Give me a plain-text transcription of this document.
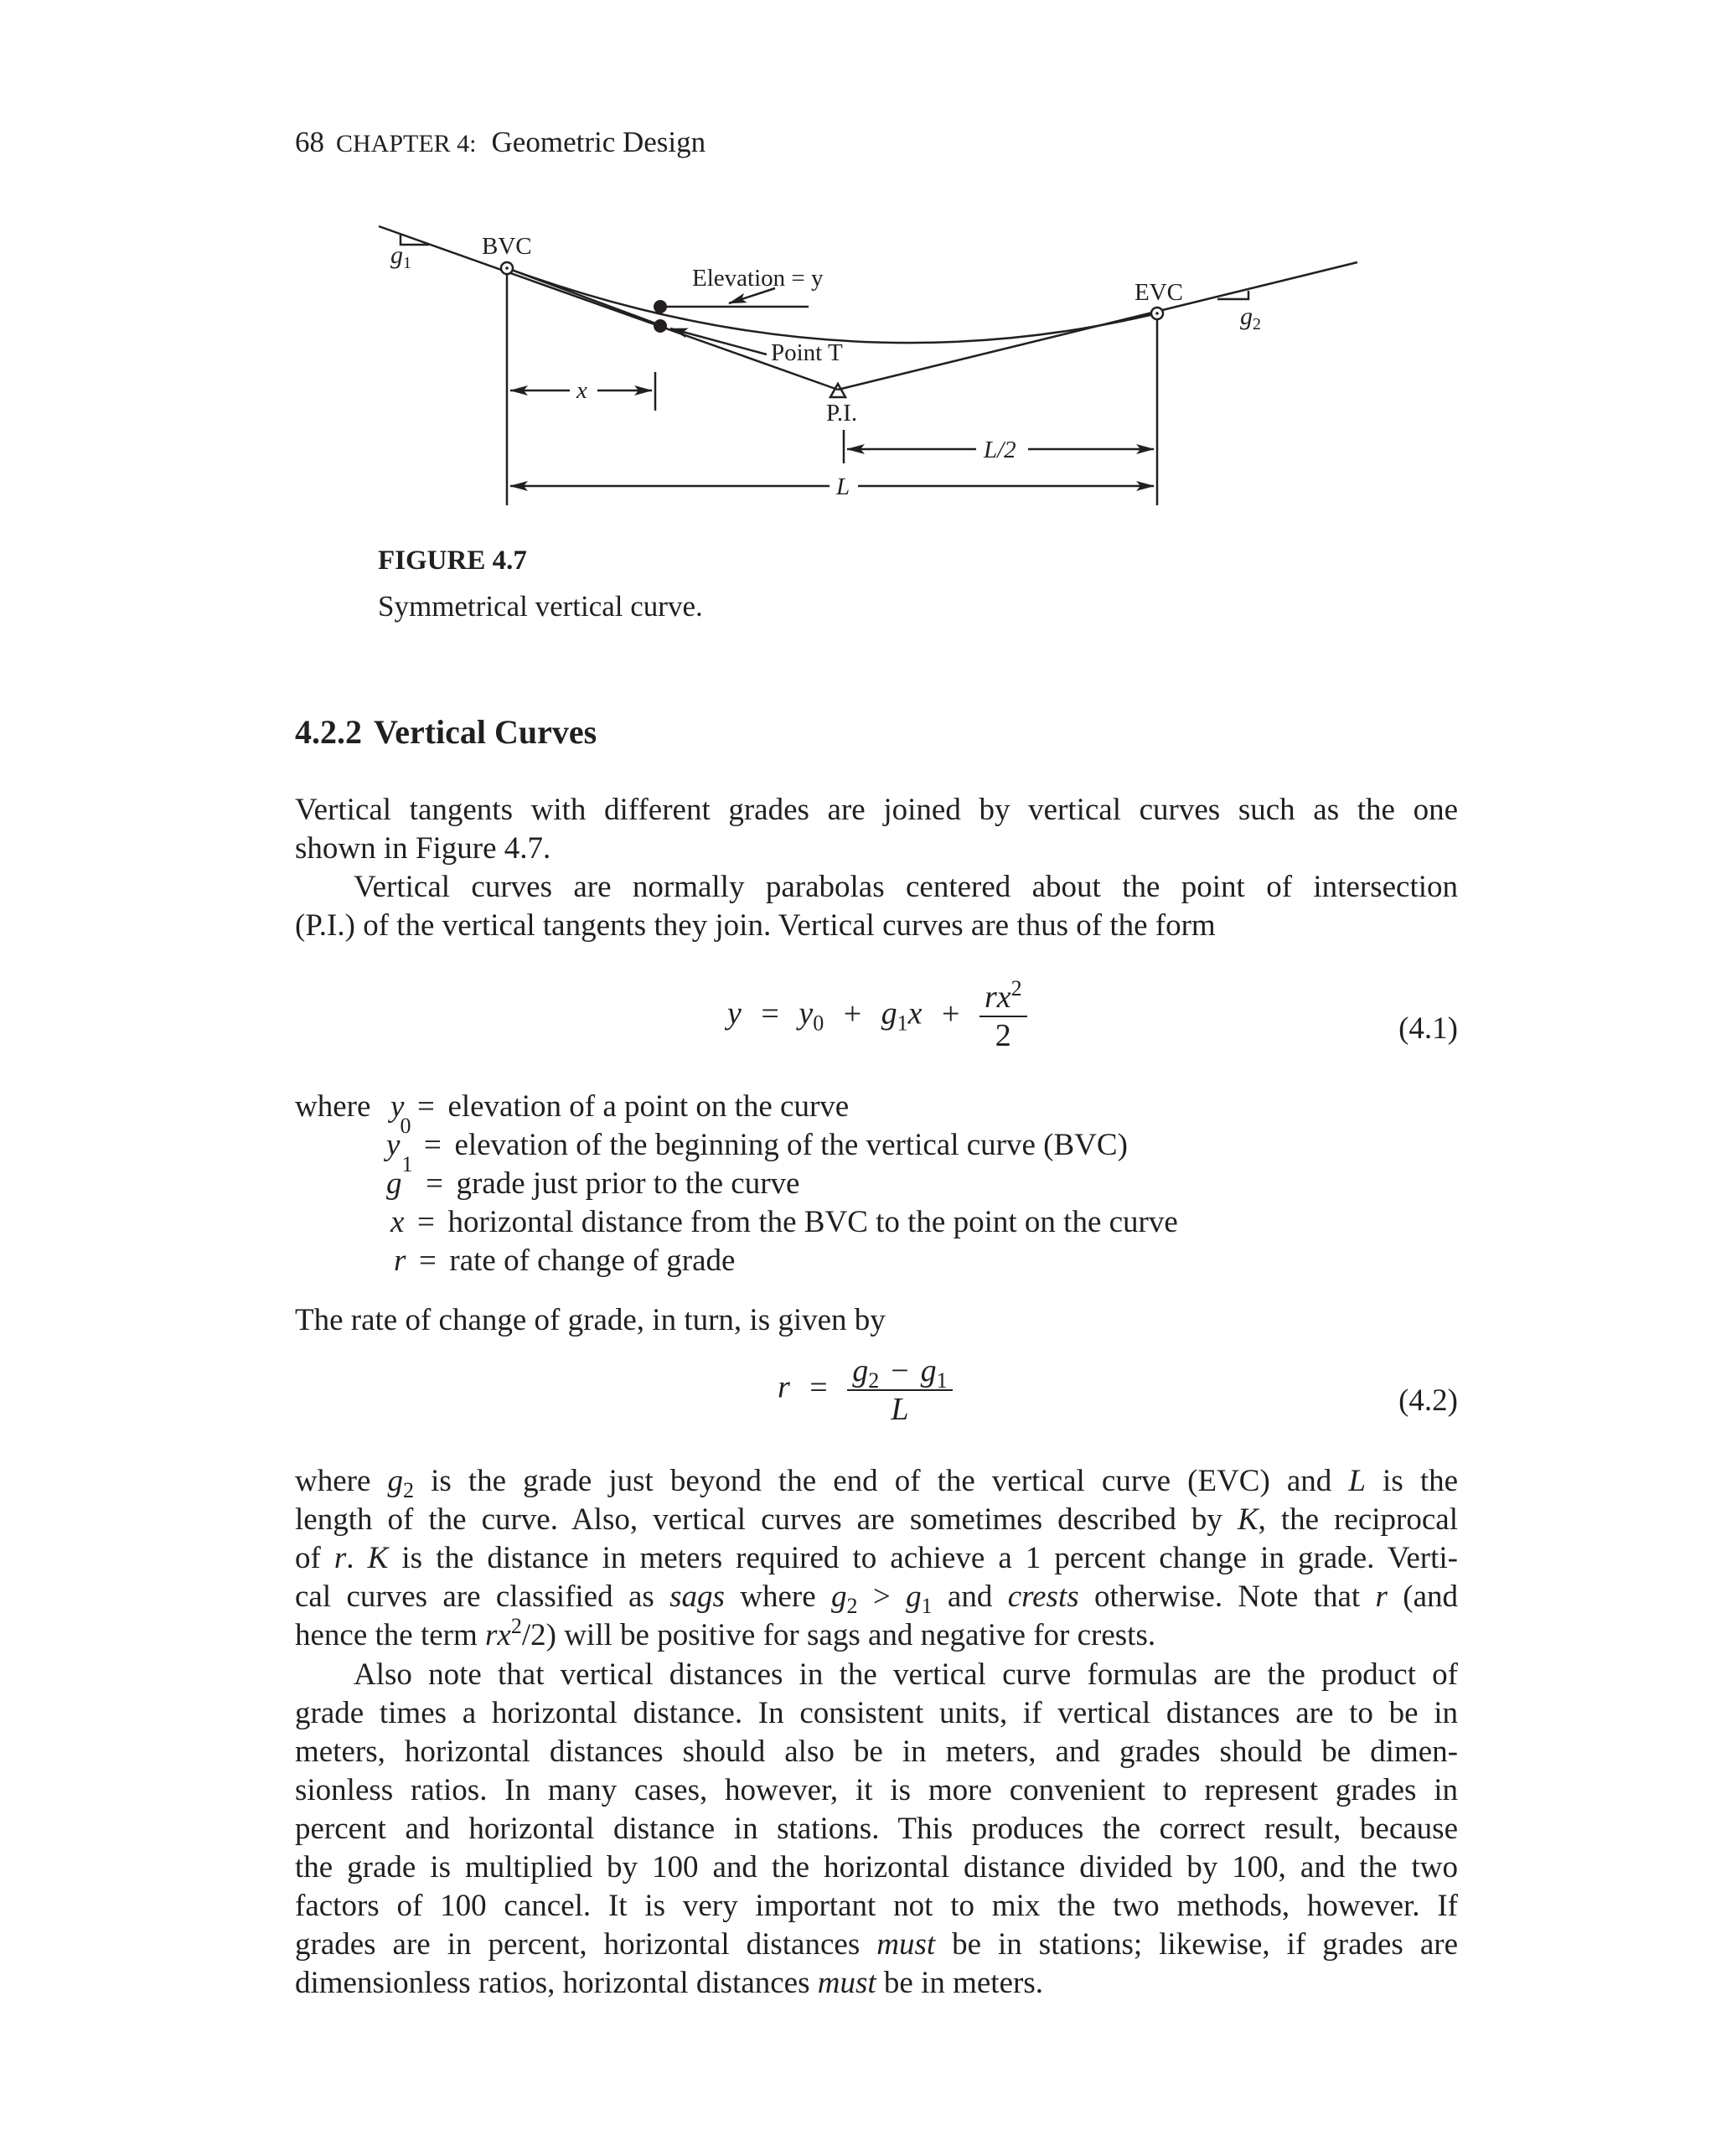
68 CHAPTER 4: Geometric Design
$g_1$
BVC
Elevation = y
EVC
$g_2$
Point T
x
P.I.
L/2
L
FIGURE 4.7
Symmetrical vertical curve.
4.2.2 Vertical Curves
Vertical tangents with different grades are joined by vertical curves such as the one
shown in Figure 4.7.
Vertical curves are normally parabolas centered about the point of intersection
(P.I.) of the vertical tangents they join. Vertical curves are thus of the form
$y = y_0 + g_1x + \frac{rx^2}{2}$	(4.1)
where y = elevation of a point on the curve
y
0
= elevation of the beginning of the vertical curve (BVC)
g
1
= grade just prior to the curve
x = horizontal distance from the BVC to the point on the curve
r = rate of change of grade
The rate of change of grade, in turn, is given by
$r = \frac{g_2 - g_1}{L}$	(4.2)
where $g_2$ is the grade just beyond the end of the vertical curve (EVC) and L is the
length of the curve. Also, vertical curves are sometimes described by K, the reciprocal
of r. K is the distance in meters required to achieve a 1 percent change in grade. Verti-
cal curves are classified as sags where $g_2 > g_1$ and crests otherwise. Note that r (and
hence the term $rx^2/2$) will be positive for sags and negative for crests.
Also note that vertical distances in the vertical curve formulas are the product of
grade times a horizontal distance. In consistent units, if vertical distances are to be in
meters, horizontal distances should also be in meters, and grades should be dimen-
sionless ratios. In many cases, however, it is more convenient to represent grades in
percent and horizontal distance in stations. This produces the correct result, because
the grade is multiplied by 100 and the horizontal distance divided by 100, and the two
factors of 100 cancel. It is very important not to mix the two methods, however. If
grades are in percent, horizontal distances must be in stations; likewise, if grades are
dimensionless ratios, horizontal distances must be in meters.
